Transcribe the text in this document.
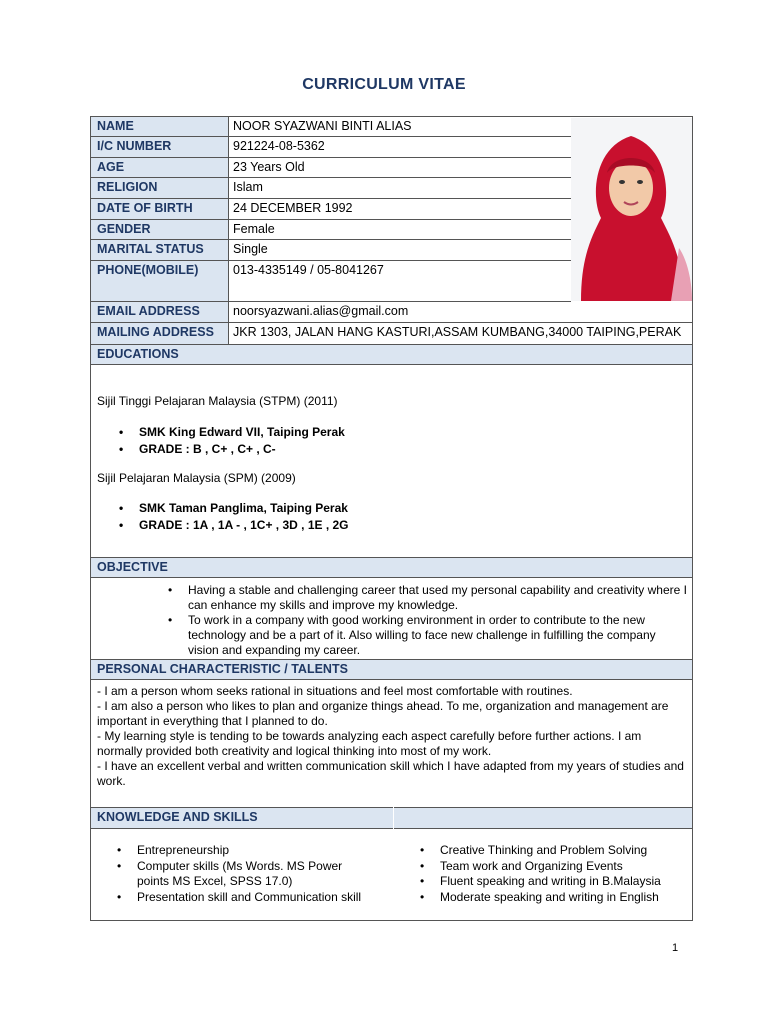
CURRICULUM VITAE
NAME	NOOR SYAZWANI BINTI ALIAS
I/C NUMBER	921224-08-5362
AGE	23 Years Old
RELIGION	Islam
DATE OF BIRTH	24 DECEMBER 1992
GENDER	Female
MARITAL STATUS	Single
PHONE(MOBILE)	013-4335149 / 05-8041267
EMAIL ADDRESS	noorsyazwani.alias@gmail.com
MAILING ADDRESS	JKR 1303, JALAN HANG KASTURI,ASSAM KUMBANG,34000 TAIPING,PERAK
EDUCATIONS
Sijil Tinggi Pelajaran Malaysia (STPM) (2011)
• SMK King Edward VII, Taiping Perak
• GRADE : B , C+ , C+ , C-
Sijil Pelajaran Malaysia (SPM) (2009)
• SMK Taman Panglima, Taiping Perak
• GRADE : 1A , 1A - , 1C+ , 3D , 1E , 2G
OBJECTIVE
• Having a stable and challenging career that used my personal capability and creativity where I can enhance my skills and improve my knowledge.
• To work in a company with good working environment in order to contribute to the new technology and be a part of it. Also willing to face new challenge in fulfilling the company vision and expanding my career.
PERSONAL CHARACTERISTIC / TALENTS
- I am a person whom seeks rational in situations and feel most comfortable with routines.
- I am also a person who likes to plan and organize things ahead. To me, organization and management are important in everything that I planned to do.
- My learning style is tending to be towards analyzing each aspect carefully before further actions. I am normally provided both creativity and logical thinking into most of my work.
- I have an excellent verbal and written communication skill which I have adapted from my years of studies and work.
KNOWLEDGE AND SKILLS
• Entrepreneurship
• Computer skills (Ms Words. MS Power points MS Excel, SPSS 17.0)
• Presentation skill and Communication skill
• Creative Thinking and Problem Solving
• Team work and Organizing Events
• Fluent speaking and writing in B.Malaysia
• Moderate speaking and writing in English
1
